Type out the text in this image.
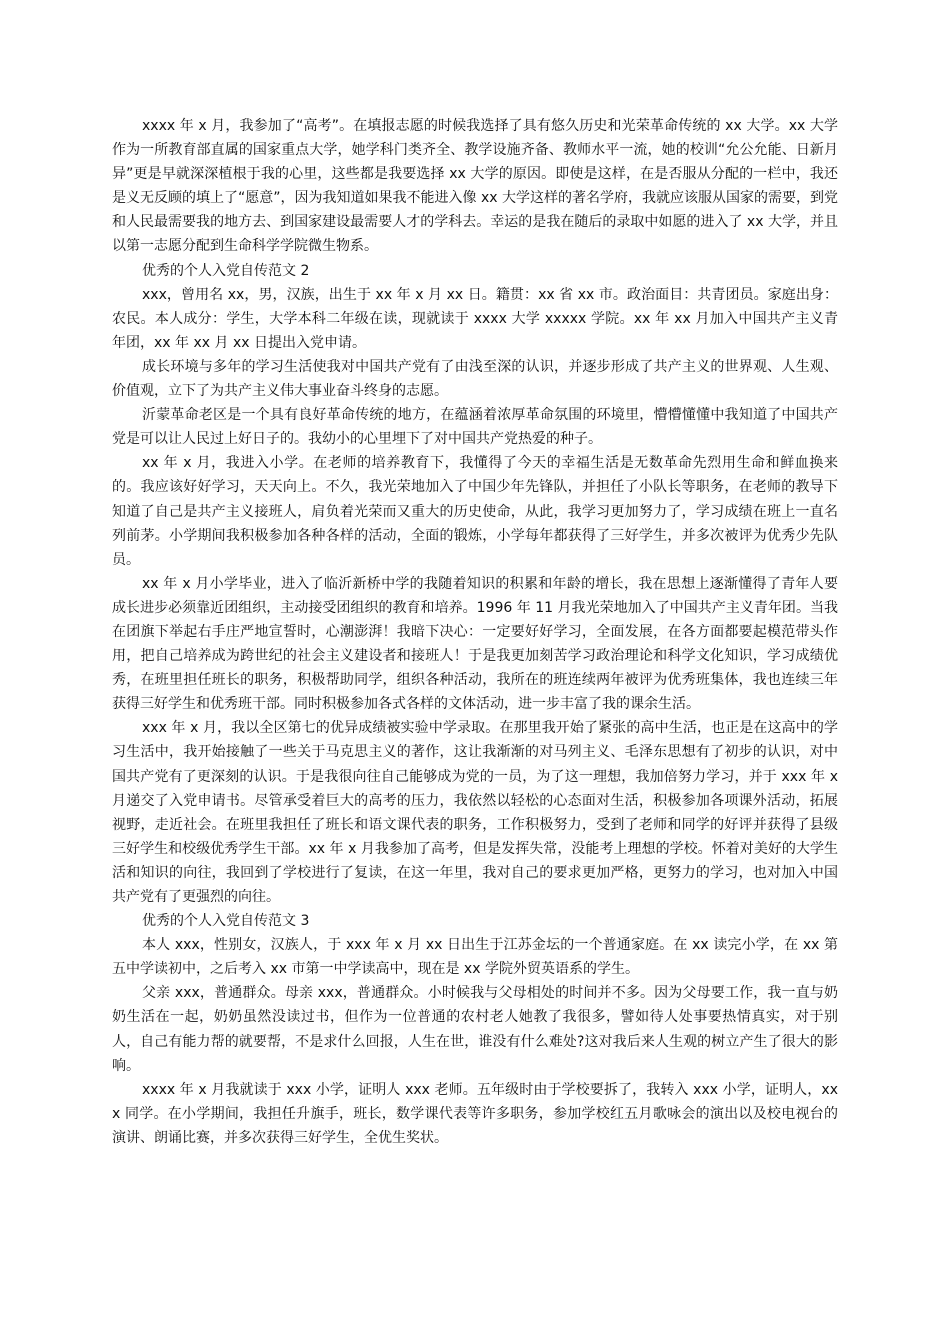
xxxx 年 x 月，我参加了“高考”。在填报志愿的时候我选择了具有悠久历史和光荣革命传统的 xx 大学。xx 大学作为一所教育部直属的国家重点大学，她学科门类齐全、教学设施齐备、教师水平一流，她的校训“允公允能、日新月异”更是早就深深植根于我的心里，这些都是我要选择 xx 大学的原因。即使是这样，在是否服从分配的一栏中，我还是义无反顾的填上了“愿意”，因为我知道如果我不能进入像 xx 大学这样的著名学府，我就应该服从国家的需要，到党和人民最需要我的地方去、到国家建设最需要人才的学科去。幸运的是我在随后的录取中如愿的进入了 xx 大学，并且以第一志愿分配到生命科学学院微生物系。

优秀的个人入党自传范文 2

xxx，曾用名 xx，男，汉族，出生于 xx 年 x 月 xx 日。籍贯：xx 省 xx 市。政治面目：共青团员。家庭出身：农民。本人成分：学生，大学本科二年级在读，现就读于 xxxx 大学 xxxxx 学院。xx 年 xx 月加入中国共产主义青年团，xx 年 xx 月 xx 日提出入党申请。

成长环境与多年的学习生活使我对中国共产党有了由浅至深的认识，并逐步形成了共产主义的世界观、人生观、价值观，立下了为共产主义伟大事业奋斗终身的志愿。

沂蒙革命老区是一个具有良好革命传统的地方，在蕴涵着浓厚革命氛围的环境里，懵懵懂懂中我知道了中国共产党是可以让人民过上好日子的。我幼小的心里埋下了对中国共产党热爱的种子。

xx 年 x 月，我进入小学。在老师的培养教育下，我懂得了今天的幸福生活是无数革命先烈用生命和鲜血换来的。我应该好好学习，天天向上。不久，我光荣地加入了中国少年先锋队，并担任了小队长等职务，在老师的教导下知道了自己是共产主义接班人，肩负着光荣而又重大的历史使命，从此，我学习更加努力了，学习成绩在班上一直名列前茅。小学期间我积极参加各种各样的活动，全面的锻炼，小学每年都获得了三好学生，并多次被评为优秀少先队员。

xx 年 x 月小学毕业，进入了临沂新桥中学的我随着知识的积累和年龄的增长，我在思想上逐渐懂得了青年人要成长进步必须靠近团组织，主动接受团组织的教育和培养。1996 年 11 月我光荣地加入了中国共产主义青年团。当我在团旗下举起右手庄严地宣誓时，心潮澎湃！我暗下决心：一定要好好学习，全面发展，在各方面都要起模范带头作用，把自己培养成为跨世纪的社会主义建设者和接班人！于是我更加刻苦学习政治理论和科学文化知识，学习成绩优秀，在班里担任班长的职务，积极帮助同学，组织各种活动，我所在的班连续两年被评为优秀班集体，我也连续三年获得三好学生和优秀班干部。同时积极参加各式各样的文体活动，进一步丰富了我的课余生活。

xxx 年 x 月，我以全区第七的优异成绩被实验中学录取。在那里我开始了紧张的高中生活，也正是在这高中的学习生活中，我开始接触了一些关于马克思主义的著作，这让我渐渐的对马列主义、毛泽东思想有了初步的认识，对中国共产党有了更深刻的认识。于是我很向往自己能够成为党的一员，为了这一理想，我加倍努力学习，并于 xxx 年 x 月递交了入党申请书。尽管承受着巨大的高考的压力，我依然以轻松的心态面对生活，积极参加各项课外活动，拓展视野，走近社会。在班里我担任了班长和语文课代表的职务，工作积极努力，受到了老师和同学的好评并获得了县级三好学生和校级优秀学生干部。xx 年 x 月我参加了高考，但是发挥失常，没能考上理想的学校。怀着对美好的大学生活和知识的向往，我回到了学校进行了复读，在这一年里，我对自己的要求更加严格，更努力的学习，也对加入中国共产党有了更强烈的向往。

优秀的个人入党自传范文 3

本人 xxx，性别女，汉族人，于 xxx 年 x 月 xx 日出生于江苏金坛的一个普通家庭。在 xx 读完小学，在 xx 第五中学读初中，之后考入 xx 市第一中学读高中，现在是 xx 学院外贸英语系的学生。

父亲 xxx，普通群众。母亲 xxx，普通群众。小时候我与父母相处的时间并不多。因为父母要工作，我一直与奶奶生活在一起，奶奶虽然没读过书，但作为一位普通的农村老人她教了我很多，譬如待人处事要热情真实，对于别人，自己有能力帮的就要帮，不是求什么回报，人生在世，谁没有什么难处?这对我后来人生观的树立产生了很大的影响。

xxxx 年 x 月我就读于 xxx 小学，证明人 xxx 老师。五年级时由于学校要拆了，我转入 xxx 小学，证明人，xxx 同学。在小学期间，我担任升旗手，班长，数学课代表等许多职务，参加学校红五月歌咏会的演出以及校电视台的演讲、朗诵比赛，并多次获得三好学生，全优生奖状。
